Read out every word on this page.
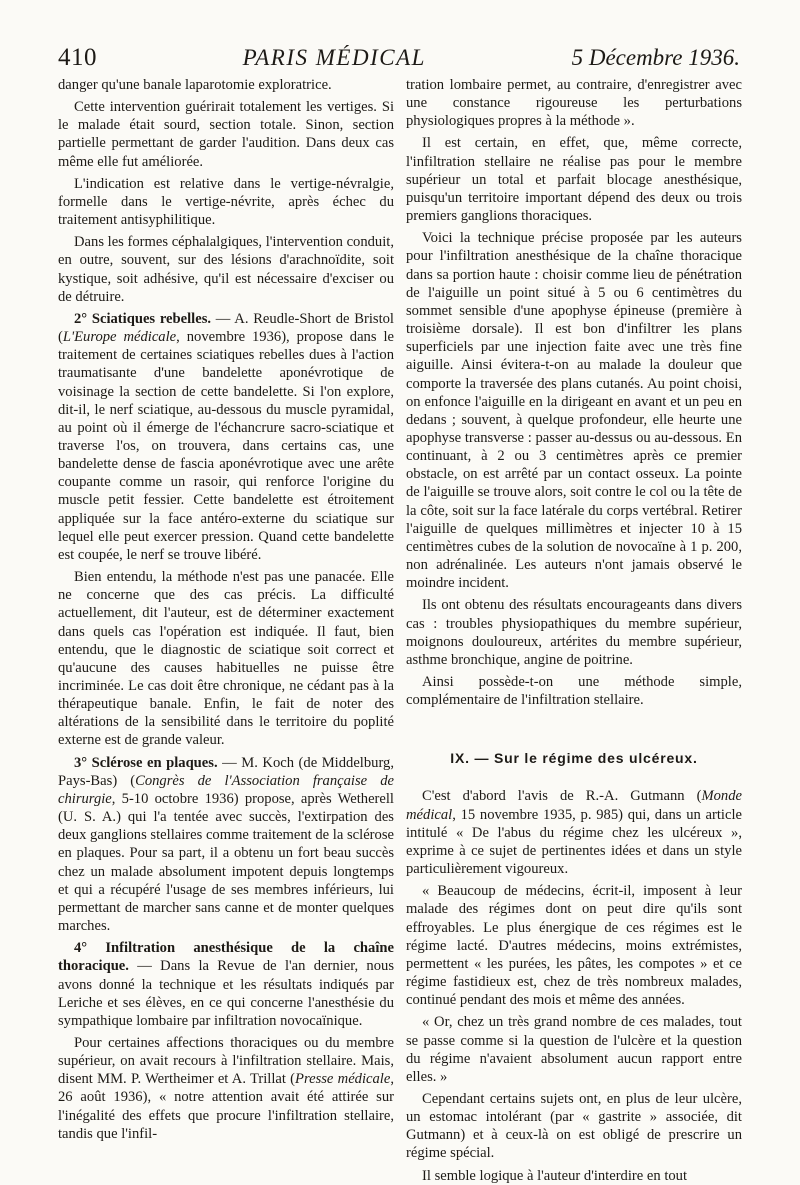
410	PARIS MÉDICAL	5 Décembre 1936.

danger qu'une banale laparotomie exploratrice.

Cette intervention guérirait totalement les vertiges. Si le malade était sourd, section totale. Sinon, section partielle permettant de garder l'audition. Dans deux cas même elle fut améliorée.

L'indication est relative dans le vertige-névralgie, formelle dans le vertige-névrite, après échec du traitement antisyphilitique.

Dans les formes céphalalgiques, l'intervention conduit, en outre, souvent, sur des lésions d'arachnoïdite, soit kystique, soit adhésive, qu'il est nécessaire d'exciser ou de détruire.

2° Sciatiques rebelles. — A. Reudle-Short de Bristol (L'Europe médicale, novembre 1936), propose dans le traitement de certaines sciatiques rebelles dues à l'action traumatisante d'une bandelette aponévrotique de voisinage la section de cette bandelette. Si l'on explore, dit-il, le nerf sciatique, au-dessous du muscle pyramidal, au point où il émerge de l'échancrure sacro-sciatique et traverse l'os, on trouvera, dans certains cas, une bandelette dense de fascia aponévrotique avec une arête coupante comme un rasoir, qui renforce l'origine du muscle petit fessier. Cette bandelette est étroitement appliquée sur la face antéro-externe du sciatique sur lequel elle peut exercer pression. Quand cette bandelette est coupée, le nerf se trouve libéré.

Bien entendu, la méthode n'est pas une panacée. Elle ne concerne que des cas précis. La difficulté actuellement, dit l'auteur, est de déterminer exactement dans quels cas l'opération est indiquée. Il faut, bien entendu, que le diagnostic de sciatique soit correct et qu'aucune des causes habituelles ne puisse être incriminée. Le cas doit être chronique, ne cédant pas à la thérapeutique banale. Enfin, le fait de noter des altérations de la sensibilité dans le territoire du poplité externe est de grande valeur.

3° Sclérose en plaques. — M. Koch (de Middelburg, Pays-Bas) (Congrès de l'Association française de chirurgie, 5-10 octobre 1936) propose, après Wetherell (U. S. A.) qui l'a tentée avec succès, l'extirpation des deux ganglions stellaires comme traitement de la sclérose en plaques. Pour sa part, il a obtenu un fort beau succès chez un malade absolument impotent depuis longtemps et qui a récupéré l'usage de ses membres inférieurs, lui permettant de marcher sans canne et de monter quelques marches.

4° Infiltration anesthésique de la chaîne thoracique. — Dans la Revue de l'an dernier, nous avons donné la technique et les résultats indiqués par Leriche et ses élèves, en ce qui concerne l'anesthésie du sympathique lombaire par infiltration novocaïnique.

Pour certaines affections thoraciques ou du membre supérieur, on avait recours à l'infiltration stellaire. Mais, disent MM. P. Wertheimer et A. Trillat (Presse médicale, 26 août 1936), « notre attention avait été attirée sur l'inégalité des effets que procure l'infiltration stellaire, tandis que l'infil-

tration lombaire permet, au contraire, d'enregistrer avec une constance rigoureuse les perturbations physiologiques propres à la méthode ».

Il est certain, en effet, que, même correcte, l'infiltration stellaire ne réalise pas pour le membre supérieur un total et parfait blocage anesthésique, puisqu'un territoire important dépend des deux ou trois premiers ganglions thoraciques.

Voici la technique précise proposée par les auteurs pour l'infiltration anesthésique de la chaîne thoracique dans sa portion haute : choisir comme lieu de pénétration de l'aiguille un point situé à 5 ou 6 centimètres du sommet sensible d'une apophyse épineuse (première à troisième dorsale). Il est bon d'infiltrer les plans superficiels par une injection faite avec une très fine aiguille. Ainsi évitera-t-on au malade la douleur que comporte la traversée des plans cutanés. Au point choisi, on enfonce l'aiguille en la dirigeant en avant et un peu en dedans ; souvent, à quelque profondeur, elle heurte une apophyse transverse : passer au-dessus ou au-dessous. En continuant, à 2 ou 3 centimètres après ce premier obstacle, on est arrêté par un contact osseux. La pointe de l'aiguille se trouve alors, soit contre le col ou la tête de la côte, soit sur la face latérale du corps vertébral. Retirer l'aiguille de quelques millimètres et injecter 10 à 15 centimètres cubes de la solution de novocaïne à 1 p. 200, non adrénalinée. Les auteurs n'ont jamais observé le moindre incident.

Ils ont obtenu des résultats encourageants dans divers cas : troubles physiopathiques du membre supérieur, moignons douloureux, artérites du membre supérieur, asthme bronchique, angine de poitrine.

Ainsi possède-t-on une méthode simple, complémentaire de l'infiltration stellaire.

IX. — Sur le régime des ulcéreux.

C'est d'abord l'avis de R.-A. Gutmann (Monde médical, 15 novembre 1935, p. 985) qui, dans un article intitulé « De l'abus du régime chez les ulcéreux », exprime à ce sujet de pertinentes idées et dans un style particulièrement vigoureux.

« Beaucoup de médecins, écrit-il, imposent à leur malade des régimes dont on peut dire qu'ils sont effroyables. Le plus énergique de ces régimes est le régime lacté. D'autres médecins, moins extrémistes, permettent « les purées, les pâtes, les compotes » et ce régime fastidieux est, chez de très nombreux malades, continué pendant des mois et même des années.

« Or, chez un très grand nombre de ces malades, tout se passe comme si la question de l'ulcère et la question du régime n'avaient absolument aucun rapport entre elles. »

Cependant certains sujets ont, en plus de leur ulcère, un estomac intolérant (par « gastrite » associée, dit Gutmann) et à ceux-là on est obligé de prescrire un régime spécial.

Il semble logique à l'auteur d'interdire en tout
